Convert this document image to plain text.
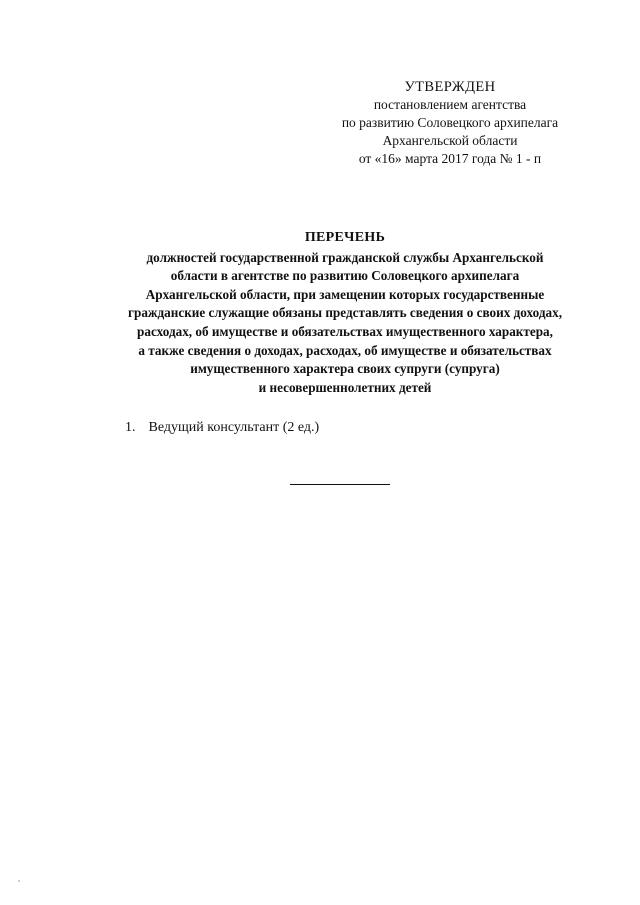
УТВЕРЖДЕН
постановлением агентства
по развитию Соловецкого архипелага
Архангельской области
от «16» марта 2017 года № 1 - п
ПЕРЕЧЕНЬ
должностей государственной гражданской службы Архангельской
области в агентстве по развитию Соловецкого архипелага
Архангельской области, при замещении которых государственные
гражданские служащие обязаны представлять сведения о своих доходах,
расходах, об имуществе и обязательствах имущественного характера,
а также сведения о доходах, расходах, об имуществе и обязательствах
имущественного характера своих супруги (супруга)
и несовершеннолетних детей
1. Ведущий консультант (2 ед.)
